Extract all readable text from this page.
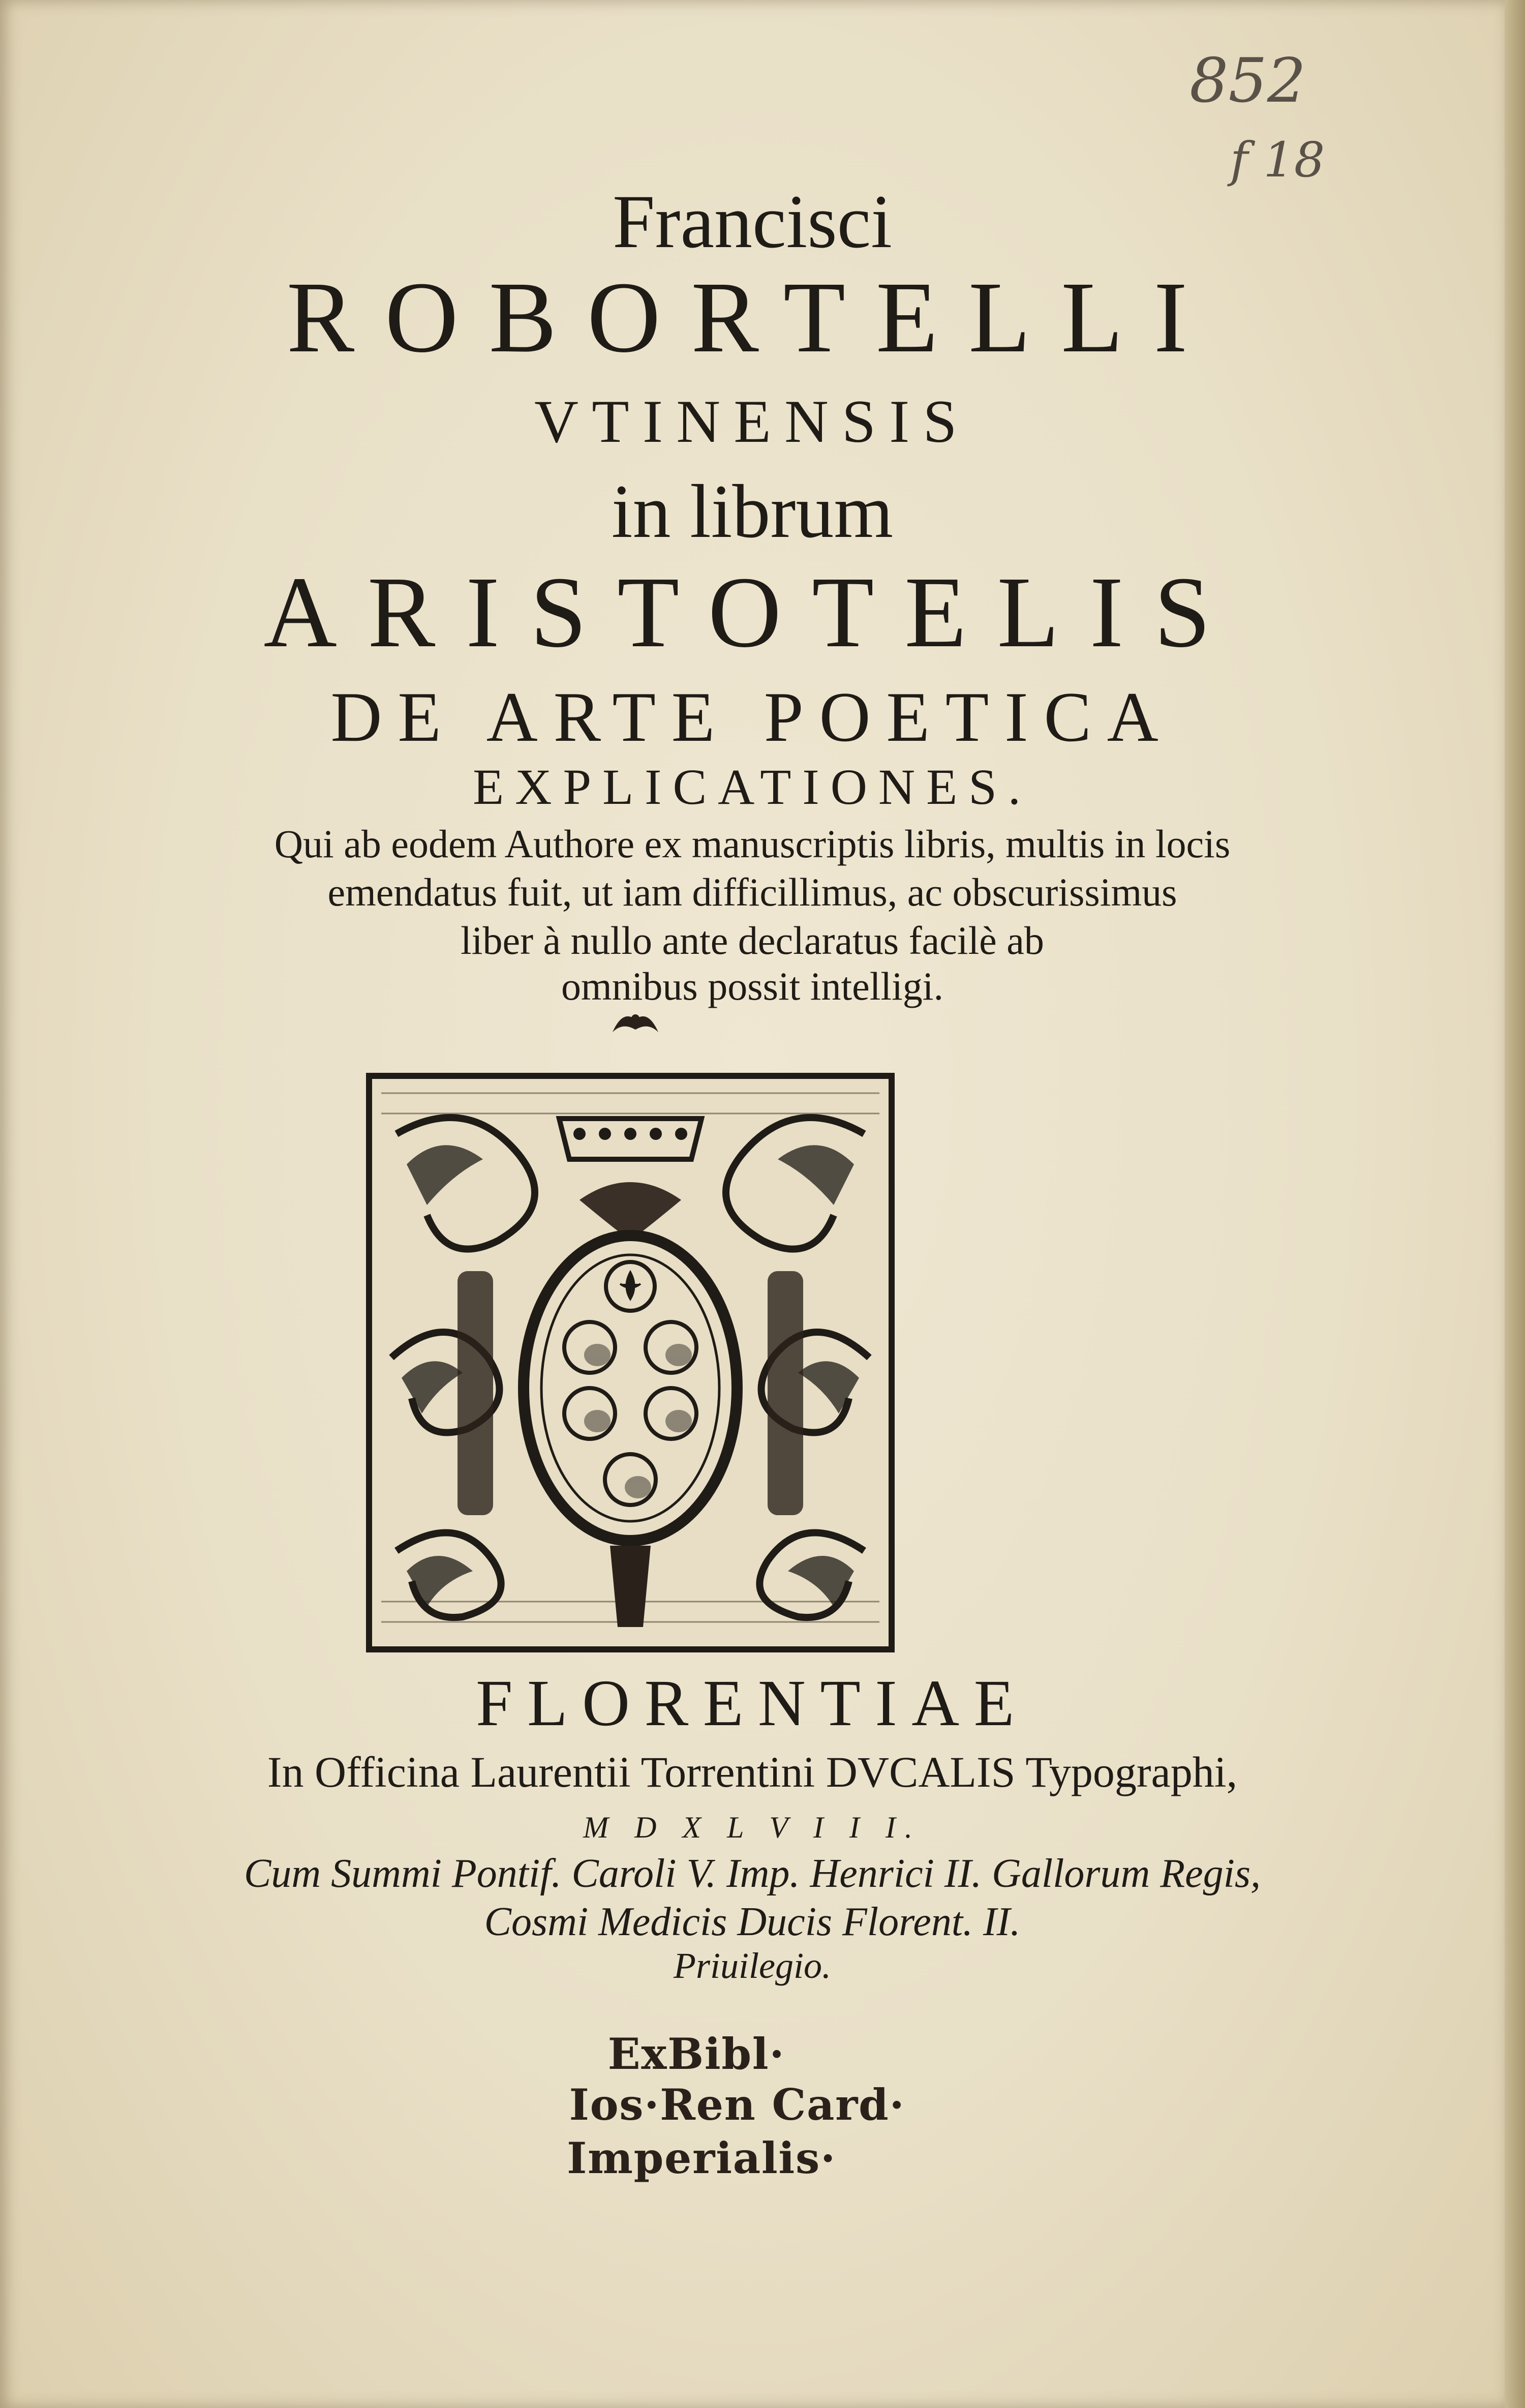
852
f 18
Francisci
ROBORTELLI
VTINENSIS
in librum
ARISTOTELIS
DE ARTE POETICA
EXPLICATIONES.
Qui ab eodem Authore ex manuscriptis libris, multis in locis
emendatus fuit, ut iam difficillimus, ac obscurissimus
liber à nullo ante declaratus facilè ab
omnibus possit intelligi.
FLORENTIAE
In Officina Laurentii Torrentini DVCALIS Typographi,
M D X L V I I I.
Cum Summi Pontif. Caroli V. Imp. Henrici II. Gallorum Regis,
Cosmi Medicis Ducis Florent. II.
Priuilegio.
ExBibl·
Ios·Ren Card·
Imperialis·
